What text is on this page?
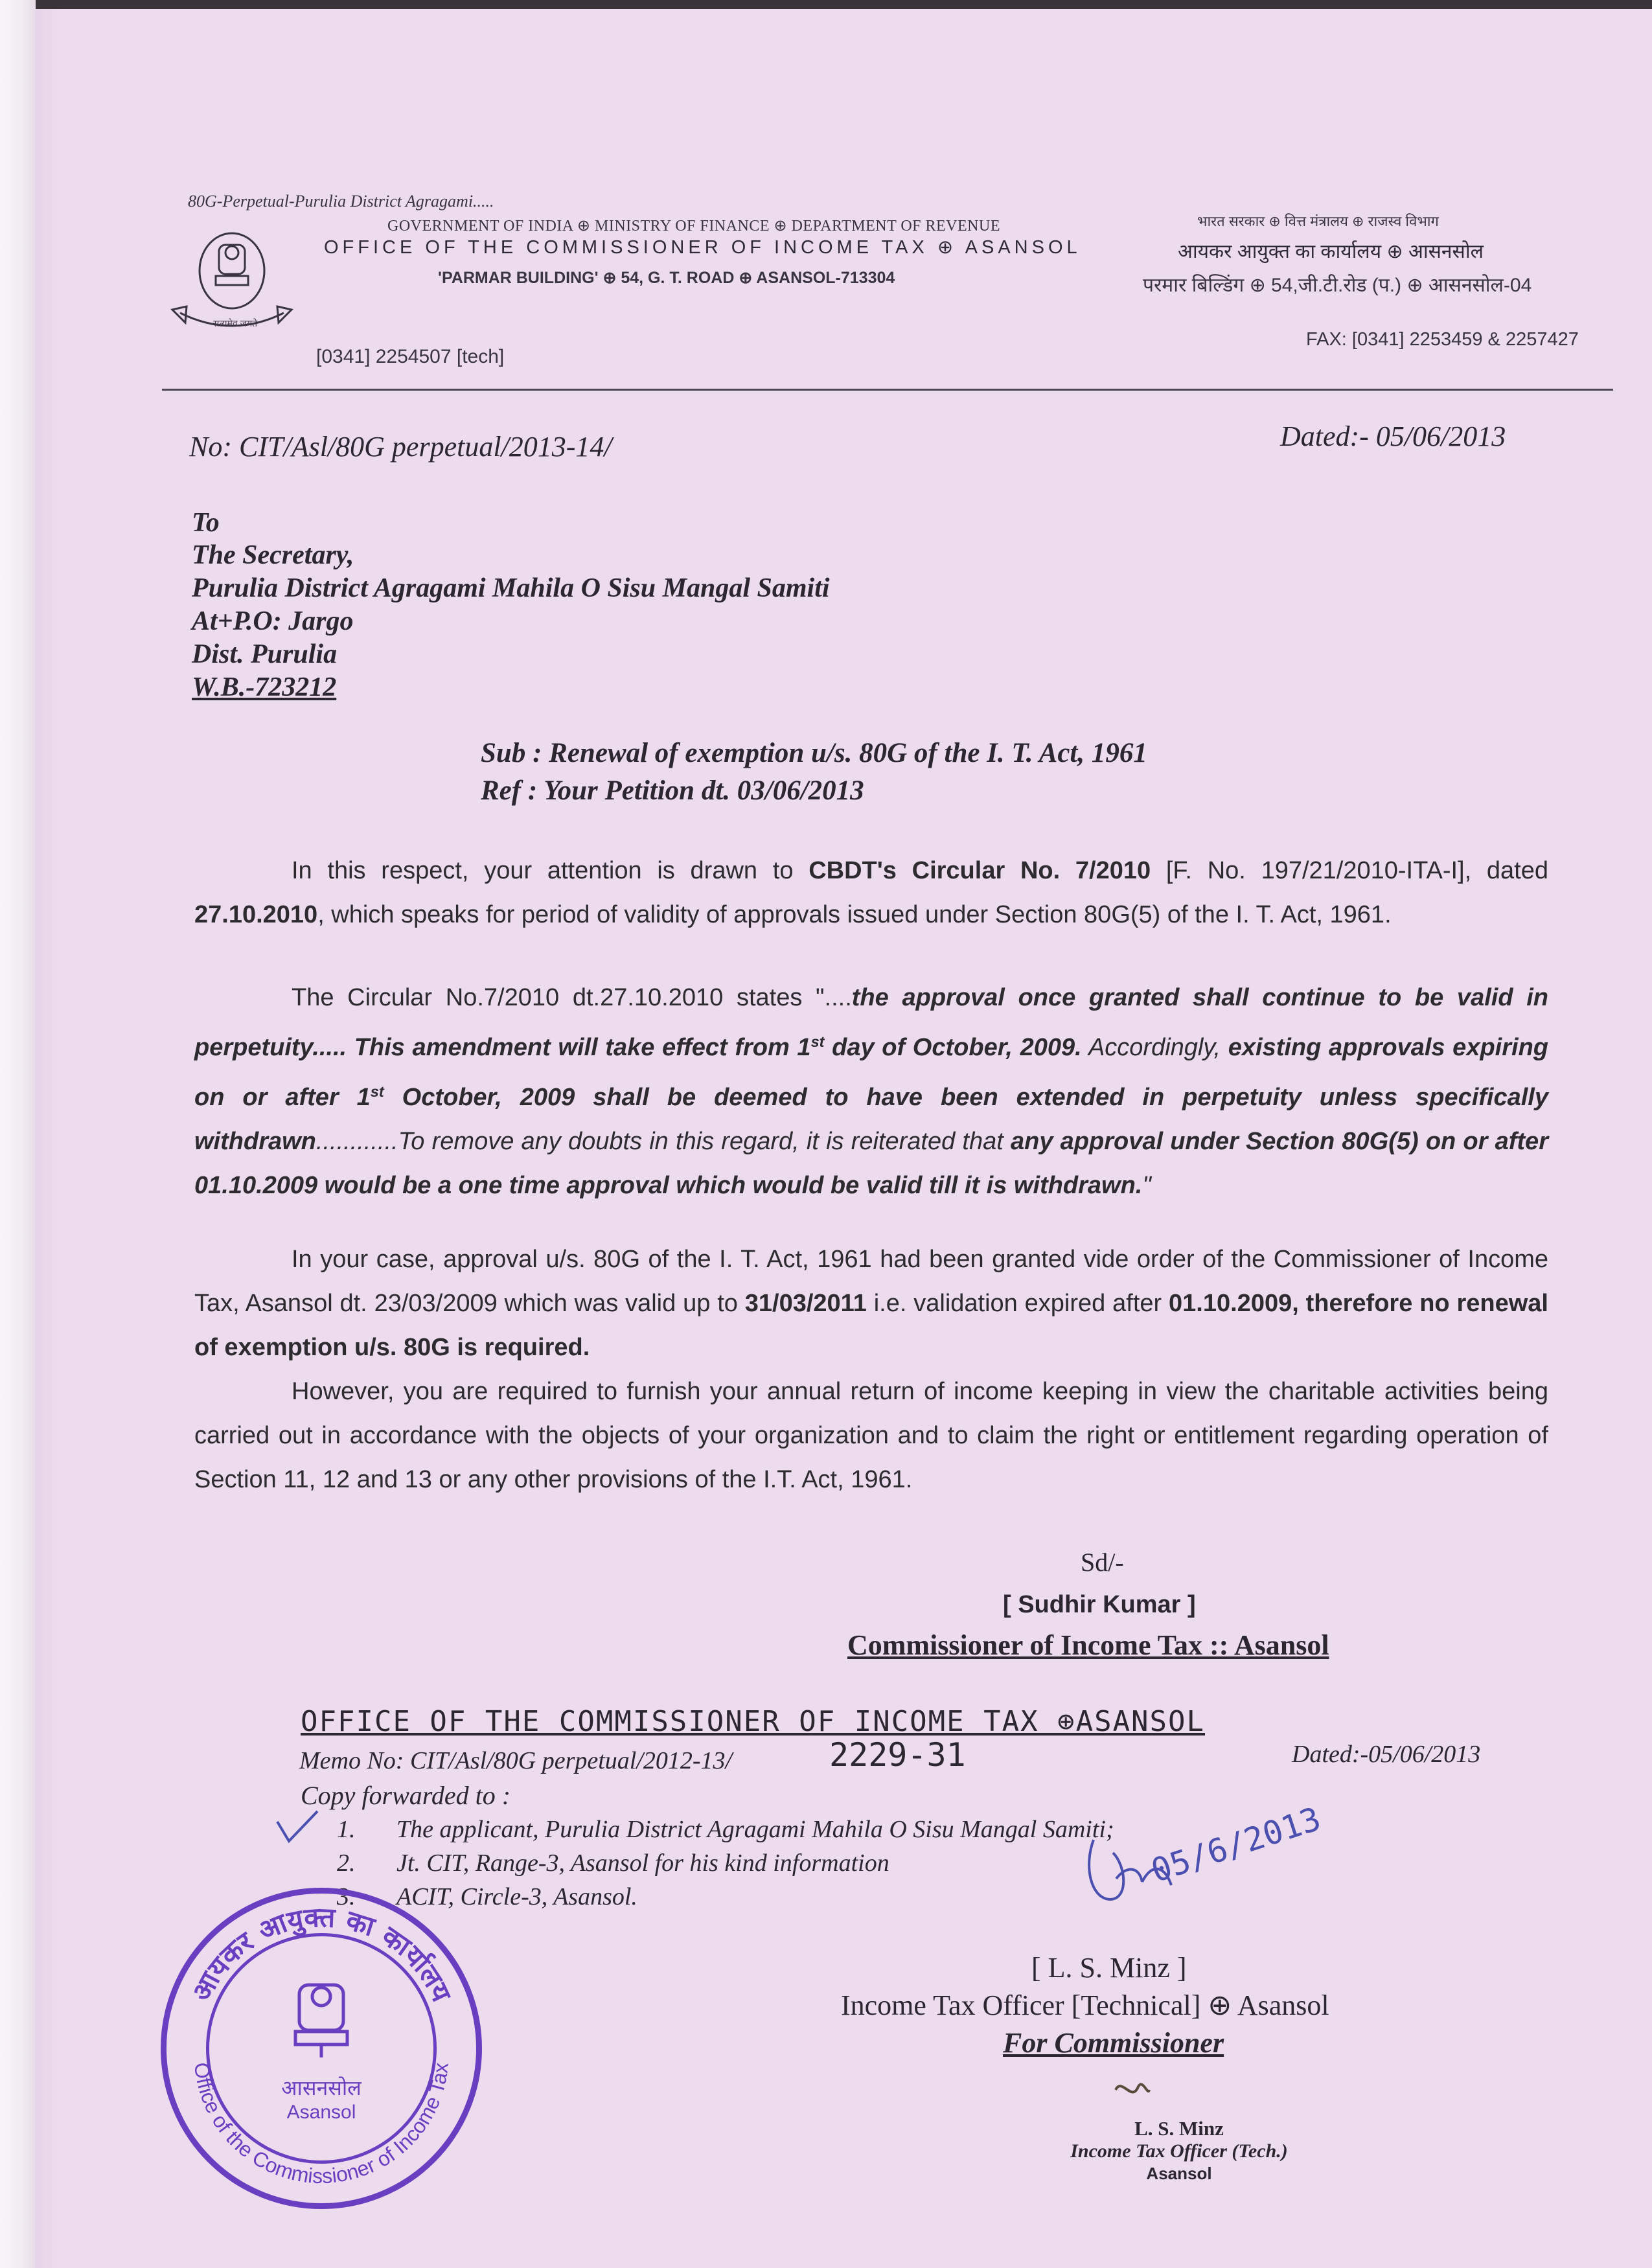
80G-Perpetual-Purulia District Agragami.....
सत्यमेव जयते
GOVERNMENT OF INDIA ⊕ MINISTRY OF FINANCE ⊕ DEPARTMENT OF REVENUE
OFFICE OF THE COMMISSIONER OF INCOME TAX ⊕ ASANSOL
'PARMAR BUILDING' ⊕ 54, G. T. ROAD ⊕ ASANSOL-713304
भारत सरकार ⊕ वित्त मंत्रालय ⊕ राजस्व विभाग
आयकर आयुक्त का कार्यालय ⊕ आसनसोल
परमार बिल्डिंग ⊕ 54,जी.टी.रोड (प.) ⊕ आसनसोल-04
[0341] 2254507 [tech]
FAX: [0341] 2253459 & 2257427
No: CIT/Asl/80G perpetual/2013-14/	Dated:- 05/06/2013
To
The Secretary,
Purulia District Agragami Mahila O Sisu Mangal Samiti
At+P.O: Jargo
Dist. Purulia
W.B.-723212
Sub : Renewal of exemption u/s. 80G of the I. T. Act, 1961
Ref : Your Petition dt. 03/06/2013
In this respect, your attention is drawn to CBDT's Circular No. 7/2010 [F. No. 197/21/2010-ITA-I], dated 27.10.2010, which speaks for period of validity of approvals issued under Section 80G(5) of the I. T. Act, 1961.
The Circular No.7/2010 dt.27.10.2010 states "....the approval once granted shall continue to be valid in perpetuity..... This amendment will take effect from 1st day of October, 2009. Accordingly, existing approvals expiring on or after 1st October, 2009 shall be deemed to have been extended in perpetuity unless specifically withdrawn............To remove any doubts in this regard, it is reiterated that any approval under Section 80G(5) on or after 01.10.2009 would be a one time approval which would be valid till it is withdrawn."
In your case, approval u/s. 80G of the I. T. Act, 1961 had been granted vide order of the Commissioner of Income Tax, Asansol dt. 23/03/2009 which was valid up to 31/03/2011 i.e. validation expired after 01.10.2009, therefore no renewal of exemption u/s. 80G is required.
However, you are required to furnish your annual return of income keeping in view the charitable activities being carried out in accordance with the objects of your organization and to claim the right or entitlement regarding operation of Section 11, 12 and 13 or any other provisions of the I.T. Act, 1961.
Sd/-
[ Sudhir Kumar ]
Commissioner of Income Tax :: Asansol
OFFICE OF THE COMMISSIONER OF INCOME TAX ⊕ASANSOL
Memo No: CIT/Asl/80G perpetual/2012-13/	2229-31	Dated:-05/06/2013
Copy forwarded to :
1. The applicant, Purulia District Agragami Mahila O Sisu Mangal Samiti;
2. Jt. CIT, Range-3, Asansol for his kind information
3. ACIT, Circle-3, Asansol.
05/6/2013
[ L. S. Minz ]
Income Tax Officer [Technical] ⊕ Asansol
For Commissioner
L. S. Minz
Income Tax Officer (Tech.)
Asansol
आयकर आयुक्त का कार्यालय
Office of the Commissioner of Income Tax
आसनसोल
Asansol
